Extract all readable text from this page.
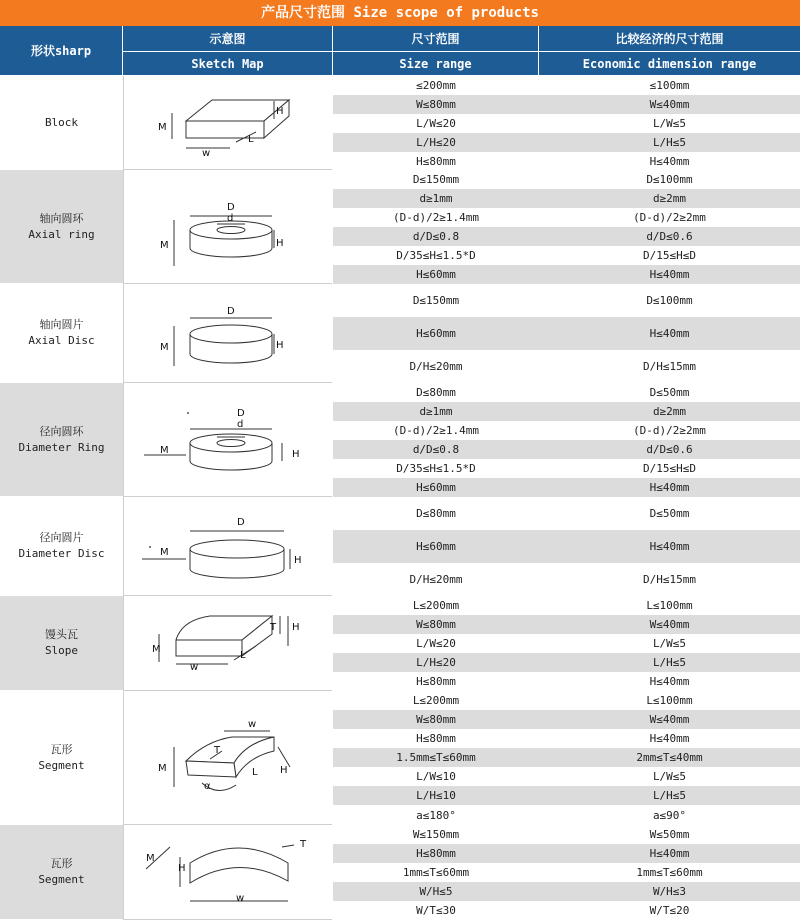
产品尺寸范围 Size scope of products
形状sharp
示意图	尺寸范围	比较经济的尺寸范围
Sketch Map	Size range	Economic dimension range
Block
H
M
L
w
≤200mm	≤100mm
W≤80mm	W≤40mm
L/W≤20	L/W≤5
L/H≤20	L/H≤5
H≤80mm	H≤40mm
轴向圆环
Axial ring
D
d
M	H
D≤150mm	D≤100mm
d≥1mm	d≥2mm
(D-d)/2≥1.4mm	(D-d)/2≥2mm
d/D≤0.8	d/D≤0.6
D/35≤H≤1.5*D	D/15≤H≤D
H≤60mm	H≤40mm
轴向圆片
Axial Disc
D
M	H
D≤150mm	D≤100mm
H≤60mm	H≤40mm
D/H≤20mm	D/H≤15mm
径向圆环
Diameter Ring
D
d
M	H
D≤80mm	D≤50mm
d≥1mm	d≥2mm
(D-d)/2≥1.4mm	(D-d)/2≥2mm
d/D≤0.8	d/D≤0.6
D/35≤H≤1.5*D	D/15≤H≤D
H≤60mm	H≤40mm
径向圆片
Diameter Disc
D
M
H
D≤80mm	D≤50mm
H≤60mm	H≤40mm
D/H≤20mm	D/H≤15mm
馒头瓦
Slope
T H
M
L
w
L≤200mm	L≤100mm
W≤80mm	W≤40mm
L/W≤20	L/W≤5
L/H≤20	L/H≤5
H≤80mm	H≤40mm
瓦形
Segment
w
T
M	L H
α
L≤200mm	L≤100mm
W≤80mm	W≤40mm
H≤80mm	H≤40mm
1.5mm≤T≤60mm	2mm≤T≤40mm
L/W≤10	L/W≤5
L/H≤10	L/H≤5
a≤180°	a≤90°
瓦形
Segment
M
T
H
w
W≤150mm	W≤50mm
H≤80mm	H≤40mm
1mm≤T≤60mm	1mm≤T≤60mm
W/H≤5	W/H≤3
W/T≤30	W/T≤20
